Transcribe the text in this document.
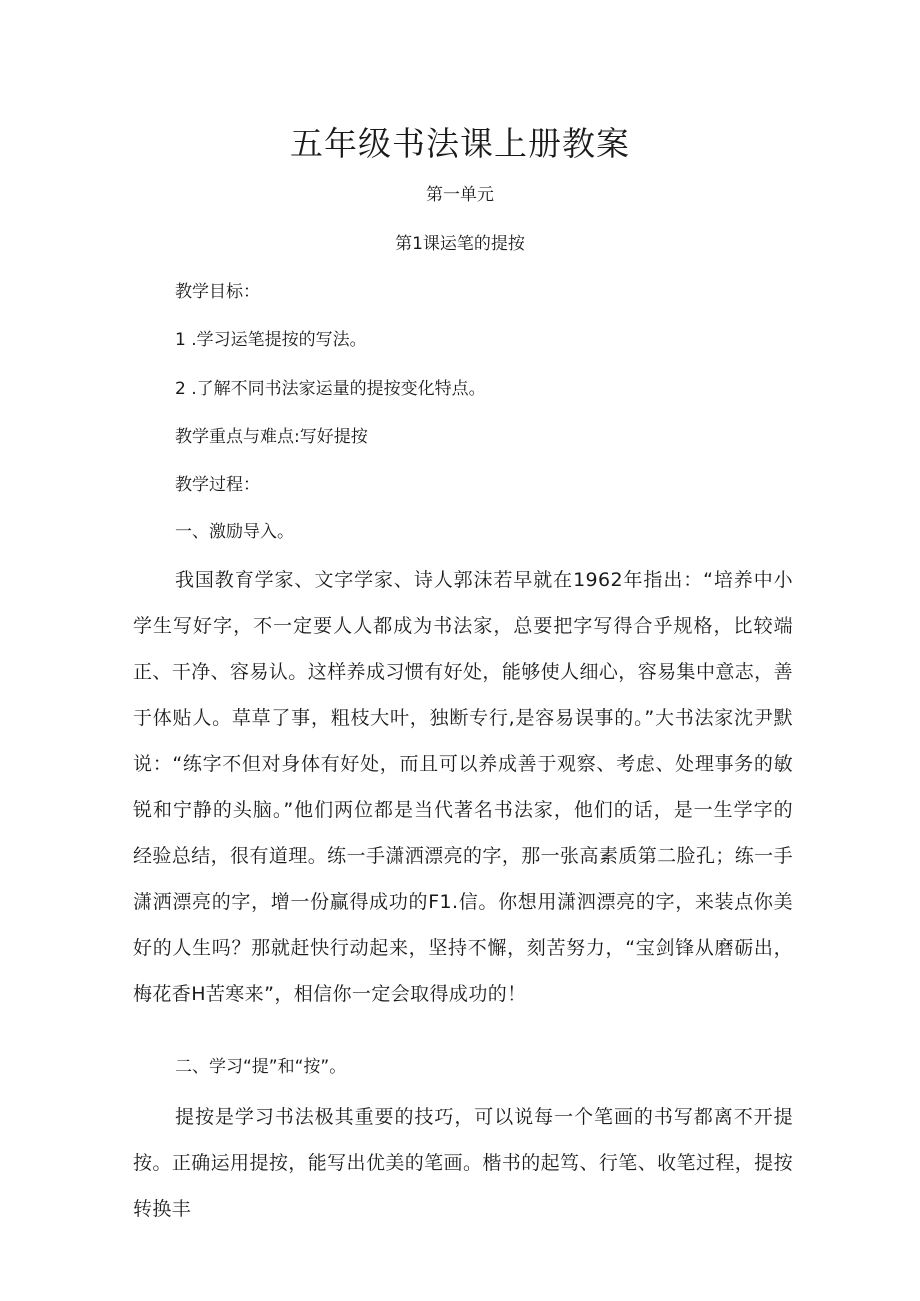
五年级书法课上册教案
第一单元
第1课运笔的提按
教学目标：
1 .学习运笔提按的写法。
2 .了解不同书法家运量的提按变化特点。
教学重点与难点:写好提按
教学过程：
一、激励导入。
我国教育学家、文字学家、诗人郭沫若早就在1962年指出：“培养中小学生写好字，不一定要人人都成为书法家，总要把字写得合乎规格，比较端正、干净、容易认。这样养成习惯有好处，能够使人细心，容易集中意志，善于体贴人。草草了事，粗枝大叶，独断专行,是容易误事的。”大书法家沈尹默说：“练字不但对身体有好处，而且可以养成善于观察、考虑、处理事务的敏锐和宁静的头脑。”他们两位都是当代著名书法家，他们的话，是一生学字的经验总结，很有道理。练一手潇洒漂亮的字，那一张高素质第二脸孔；练一手潇洒漂亮的字，增一份赢得成功的F1.信。你想用潇泗漂亮的字，来装点你美好的人生吗？那就赶快行动起来，坚持不懈，刻苦努力，“宝剑锋从磨砺出，梅花香H苦寒来”，相信你一定会取得成功的！
二、学习“提”和“按”。
提按是学习书法极其重要的技巧，可以说每一个笔画的书写都离不开提按。正确运用提按，能写出优美的笔画。楷书的起笃、行笔、收笔过程，提按转换丰
